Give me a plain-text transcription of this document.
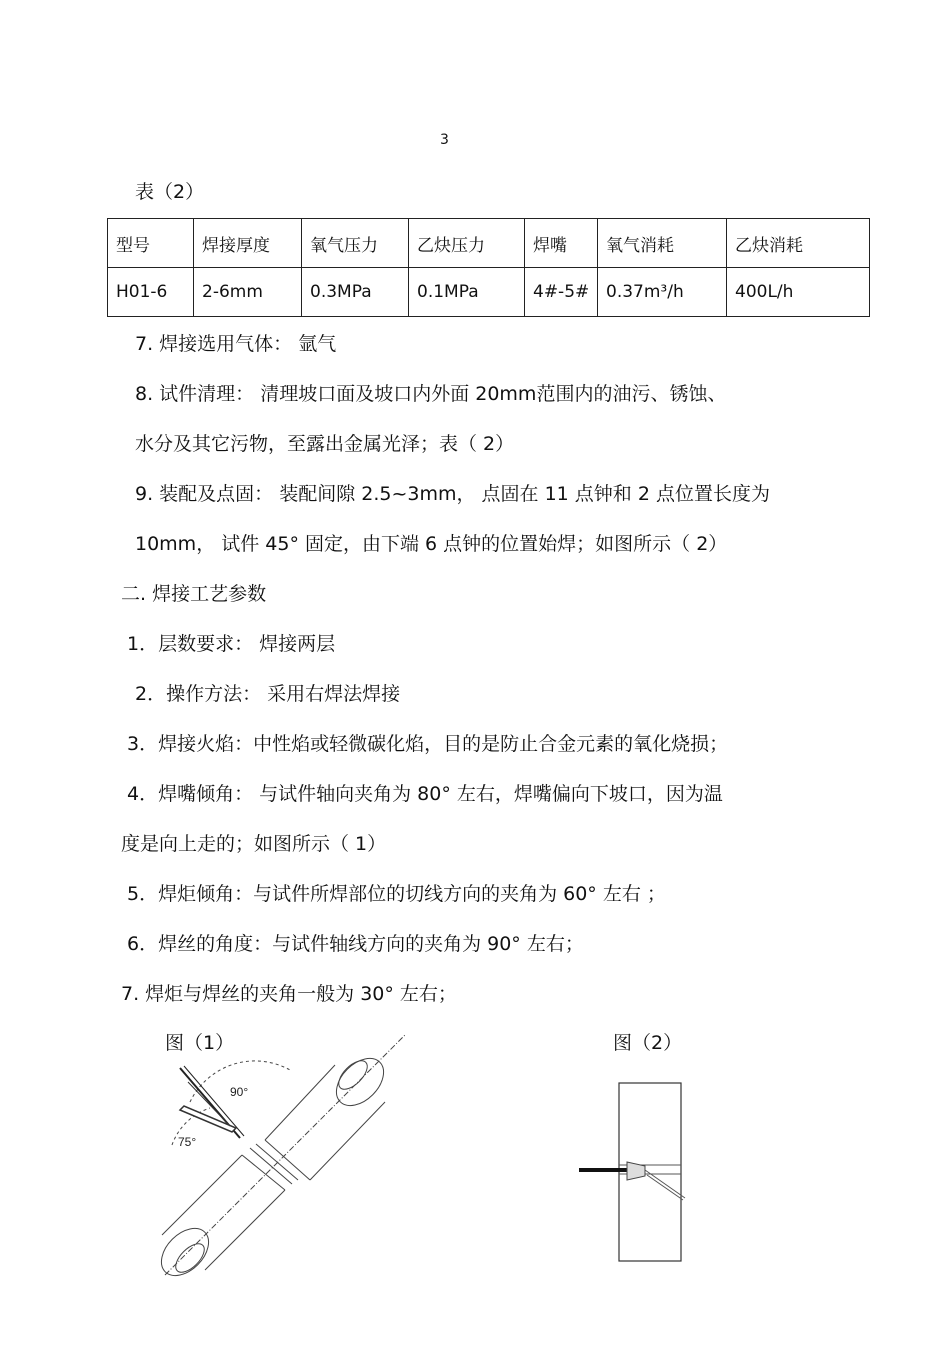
3
表（2）
型号	焊接厚度	氧气压力	乙炔压力	焊嘴	氧气消耗	乙炔消耗
H01-6	2-6mm	0.3MPa	0.1MPa	4#-5#	0.37m³/h	400L/h
7. 焊接选用气体： 氩气
8. 试件清理： 清理坡口面及坡口内外面 20mm范围内的油污、锈蚀、
水分及其它污物，至露出金属光泽；表（ 2）
9. 装配及点固： 装配间隙 2.5~3mm， 点固在 11 点钟和 2 点位置长度为
10mm， 试件 45° 固定，由下端 6 点钟的位置始焊；如图所示（ 2）
二. 焊接工艺参数
1．层数要求： 焊接两层
2．操作方法： 采用右焊法焊接
3．焊接火焰：中性焰或轻微碳化焰，目的是防止合金元素的氧化烧损；
4．焊嘴倾角： 与试件轴向夹角为 80° 左右，焊嘴偏向下坡口，因为温
度是向上走的；如图所示（ 1）
5．焊炬倾角：与试件所焊部位的切线方向的夹角为 60° 左右 ；
6．焊丝的角度：与试件轴线方向的夹角为 90° 左右；
7. 焊炬与焊丝的夹角一般为 30° 左右；
图（1）	图（2）
90°
75°
